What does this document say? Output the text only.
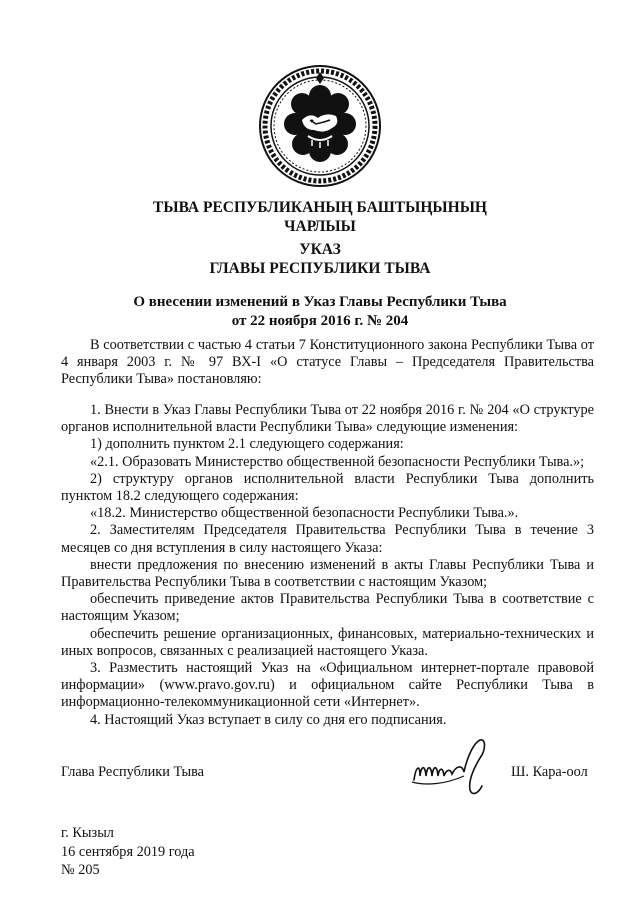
ТЫВА РЕСПУБЛИКАНЫҢ БАШТЫҢЫНЫҢ
ЧАРЛЫЫ
УКАЗ
ГЛАВЫ РЕСПУБЛИКИ ТЫВА
О внесении изменений в Указ Главы Республики Тыва
от 22 ноября 2016 г. № 204

В соответствии с частью 4 статьи 7 Конституционного закона Республики Тыва от 4 января 2003 г. № 97 ВХ-I «О статусе Главы – Председателя Правительства Республики Тыва» постановляю:

1. Внести в Указ Главы Республики Тыва от 22 ноября 2016 г. № 204 «О структуре органов исполнительной власти Республики Тыва» следующие изменения:

1) дополнить пунктом 2.1 следующего содержания:

«2.1. Образовать Министерство общественной безопасности Республики Тыва.»;

2) структуру органов исполнительной власти Республики Тыва дополнить пунктом 18.2 следующего содержания:

«18.2. Министерство общественной безопасности Республики Тыва.».

2. Заместителям Председателя Правительства Республики Тыва в течение 3 месяцев со дня вступления в силу настоящего Указа:

внести предложения по внесению изменений в акты Главы Республики Тыва и Правительства Республики Тыва в соответствии с настоящим Указом;

обеспечить приведение актов Правительства Республики Тыва в соответствие с настоящим Указом;

обеспечить решение организационных, финансовых, материально-технических и иных вопросов, связанных с реализацией настоящего Указа.

3. Разместить настоящий Указ на «Официальном интернет-портале правовой информации» (www.pravo.gov.ru) и официальном сайте Республики Тыва в информационно-телекоммуникационной сети «Интернет».

4. Настоящий Указ вступает в силу со дня его подписания.

Глава Республики Тыва	Ш. Кара-оол
г. Кызыл
16 сентября 2019 года
№ 205
